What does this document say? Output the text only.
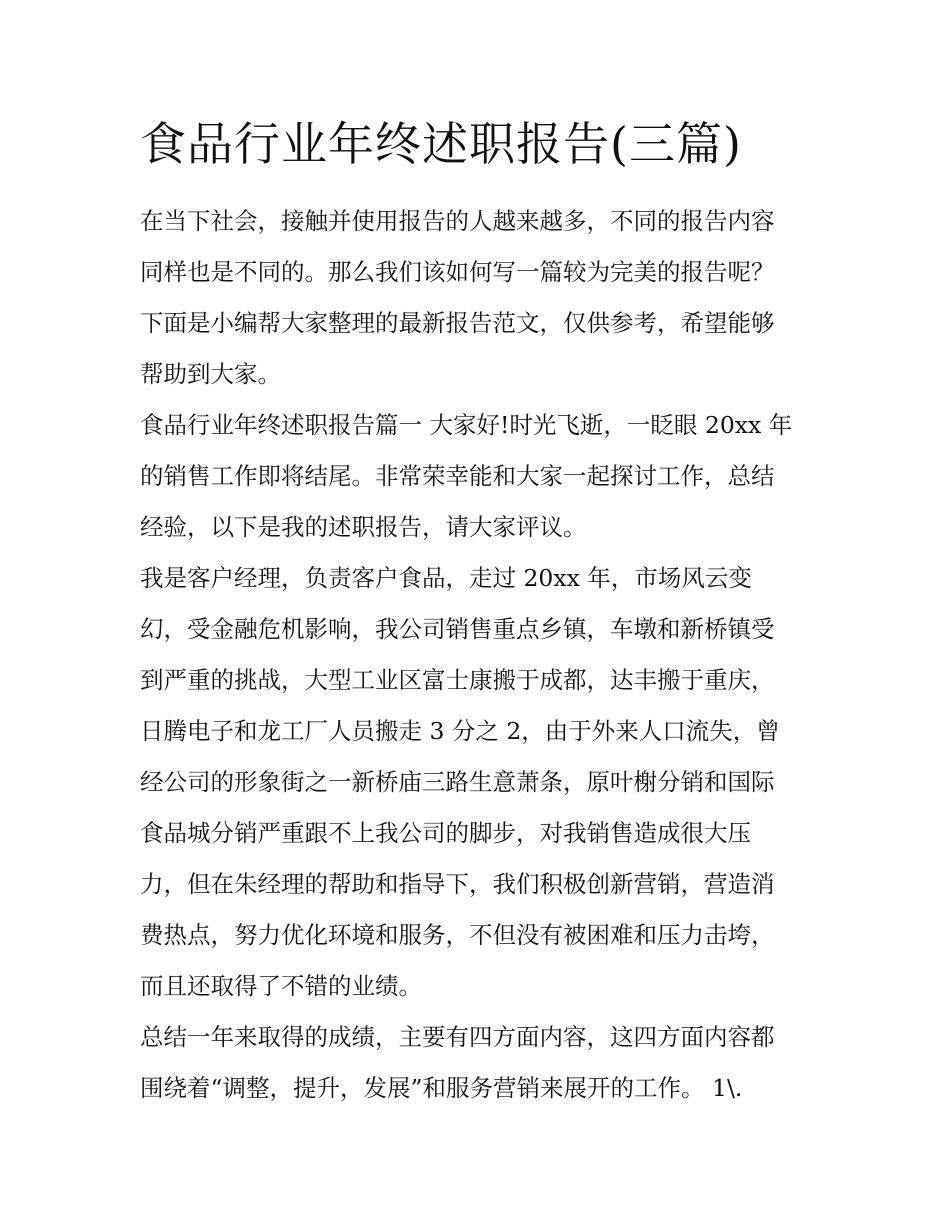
食品行业年终述职报告(三篇)

在当下社会，接触并使用报告的人越来越多，不同的报告内容
同样也是不同的。那么我们该如何写一篇较为完美的报告呢？
下面是小编帮大家整理的最新报告范文，仅供参考，希望能够
帮助到大家。

食品行业年终述职报告篇一 大家好!时光飞逝，一眨眼 20xx 年
的销售工作即将结尾。非常荣幸能和大家一起探讨工作，总结
经验，以下是我的述职报告，请大家评议。

我是客户经理，负责客户食品，走过 20xx 年，市场风云变
幻，受金融危机影响，我公司销售重点乡镇，车墩和新桥镇受
到严重的挑战，大型工业区富士康搬于成都，达丰搬于重庆，
日腾电子和龙工厂人员搬走 3 分之 2，由于外来人口流失，曾
经公司的形象街之一新桥庙三路生意萧条，原叶榭分销和国际
食品城分销严重跟不上我公司的脚步，对我销售造成很大压
力，但在朱经理的帮助和指导下，我们积极创新营销，营造消
费热点，努力优化环境和服务，不但没有被困难和压力击垮，
而且还取得了不错的业绩。

总结一年来取得的成绩，主要有四方面内容，这四方面内容都
围绕着“调整，提升，发展”和服务营销来展开的工作。 1\.
